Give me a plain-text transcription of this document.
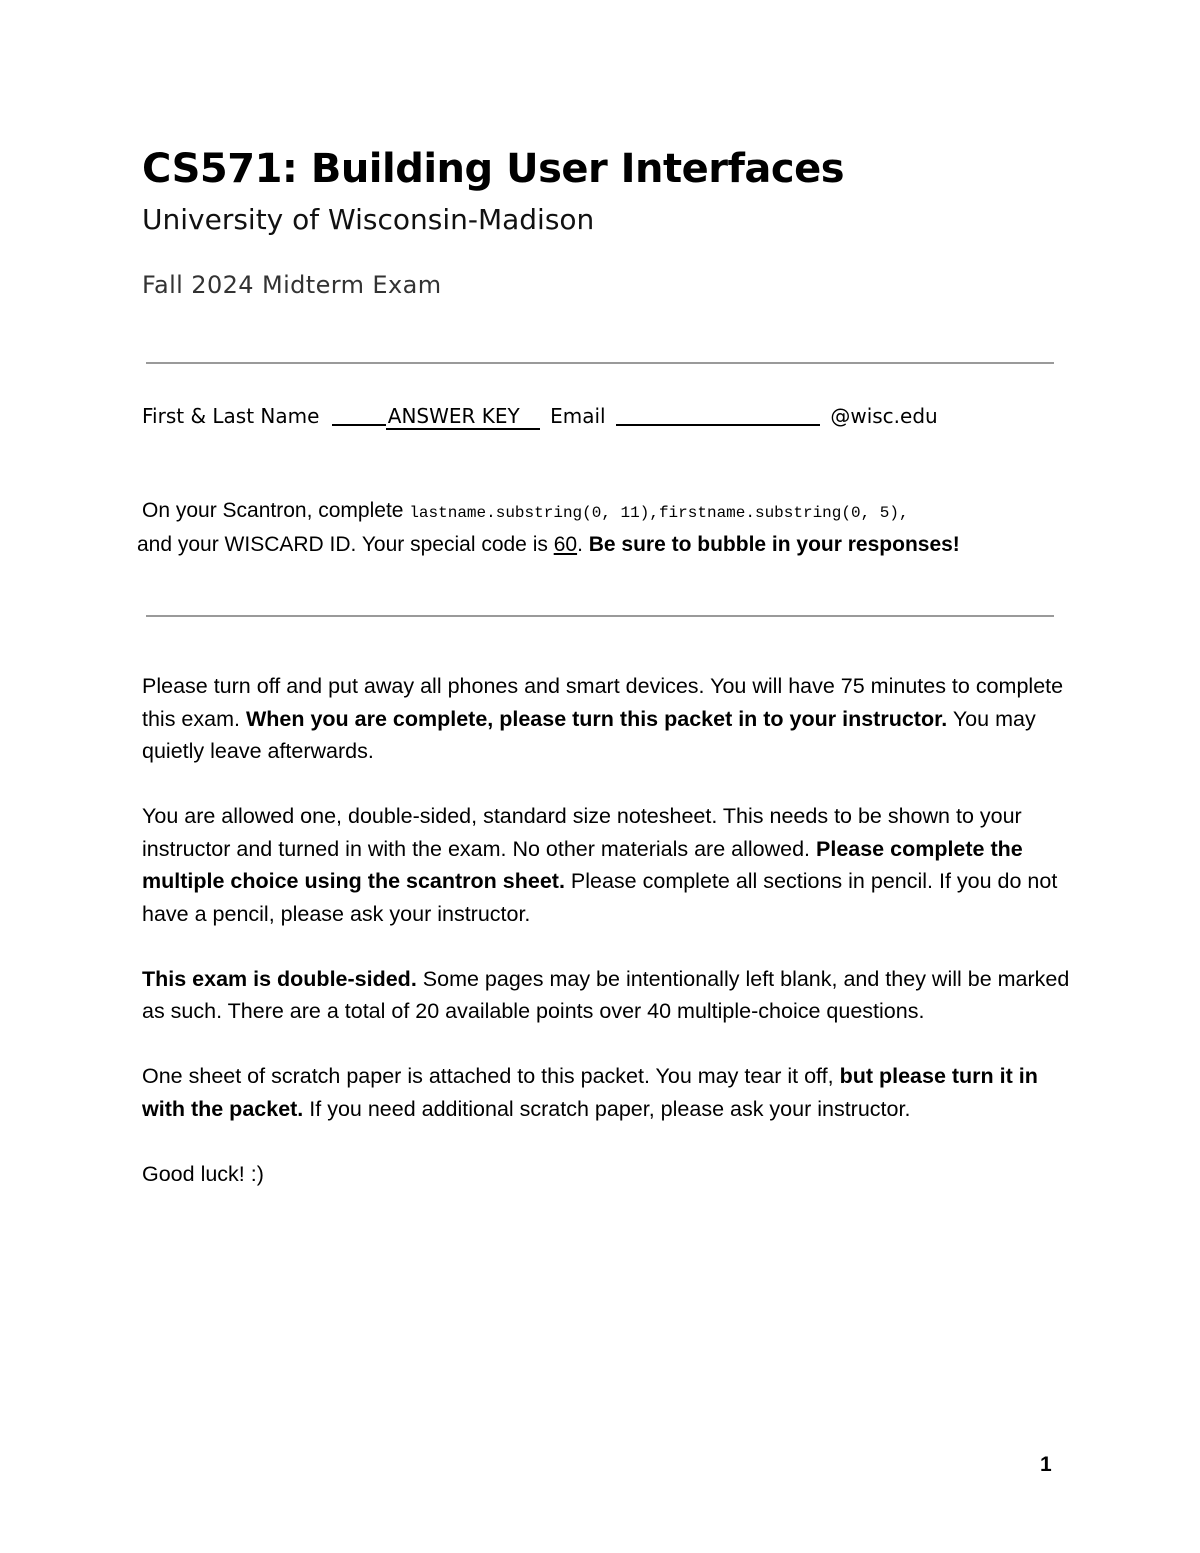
CS571: Building User Interfaces
University of Wisconsin-Madison
Fall 2024 Midterm Exam
First & Last Name	ANSWER KEY Email	@wisc.edu
On your Scantron, complete lastname.substring(0, 11),firstname.substring(0, 5),
and your WISCARD ID. Your special code is 60. Be sure to bubble in your responses!

Please turn off and put away all phones and smart devices. You will have 75 minutes to complete this exam. When you are complete, please turn this packet in to your instructor. You may quietly leave afterwards.

You are allowed one, double-sided, standard size notesheet. This needs to be shown to your instructor and turned in with the exam. No other materials are allowed. Please complete the multiple choice using the scantron sheet. Please complete all sections in pencil. If you do not have a pencil, please ask your instructor.

This exam is double-sided. Some pages may be intentionally left blank, and they will be marked as such. There are a total of 20 available points over 40 multiple-choice questions.

One sheet of scratch paper is attached to this packet. You may tear it off, but please turn it in with the packet. If you need additional scratch paper, please ask your instructor.

Good luck! :)

1
